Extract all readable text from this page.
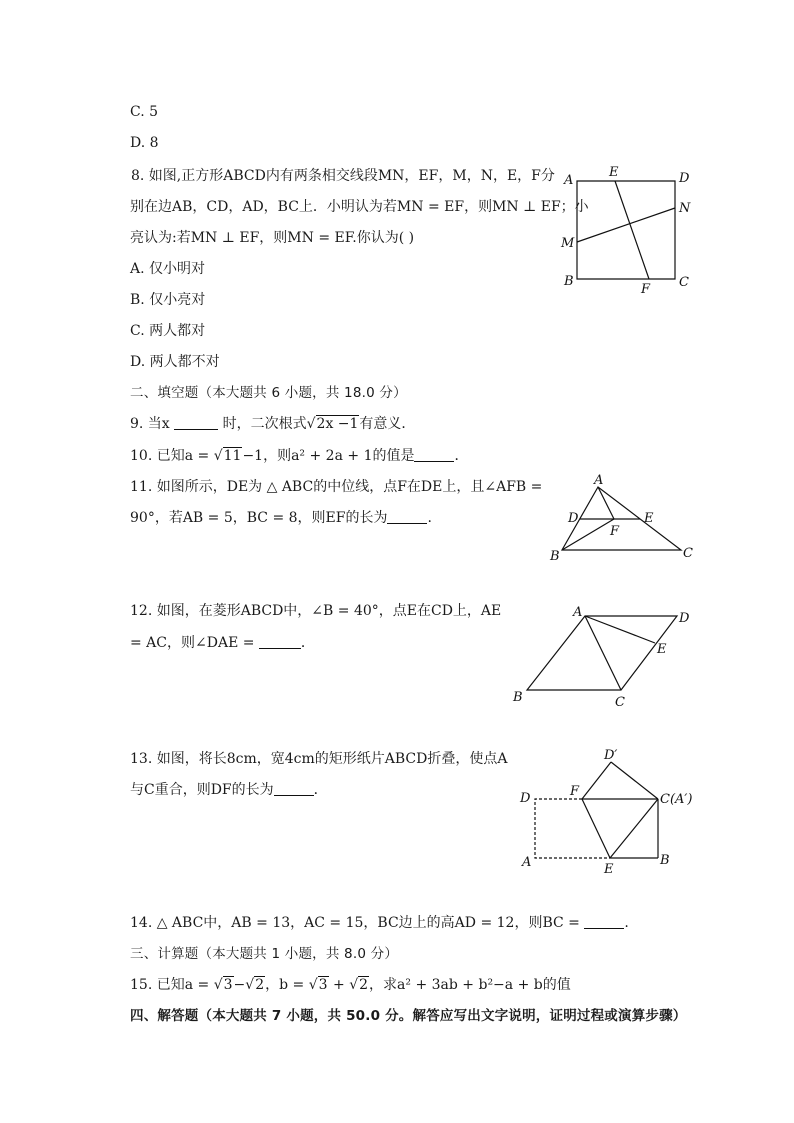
C. 5
D. 8
8. 如图,正方形ABCD内有两条相交线段MN，EF，M，N，E，F分
别在边AB，CD，AD，BC上．小明认为若MN = EF，则MN ⊥ EF；小
亮认为:若MN ⊥ EF，则MN = EF.你认为( )
A. 仅小明对
B. 仅小亮对
C. 两人都对
D. 两人都不对
二、填空题（本大题共 6 小题，共 18.0 分）
9. 当x	时，二次根式√2x −1有意义．
10. 已知a = √11−1，则a² + 2a + 1的值是	．
11. 如图所示，DE为 △ ABC的中位线，点F在DE上，且∠AFB =
90°，若AB = 5，BC = 8，则EF的长为	.
12. 如图，在菱形ABCD中，∠B = 40°，点E在CD上，AE
= AC，则∠DAE =	．
13. 如图，将长8cm，宽4cm的矩形纸片ABCD折叠，使点A
与C重合，则DF的长为	．
14. △ ABC中，AB = 13，AC = 15，BC边上的高AD = 12，则BC =	.
三、计算题（本大题共 1 小题，共 8.0 分）
15. 已知a = √3−√2，b = √3 + √2，求a² + 3ab + b²−a + b的值
四、解答题（本大题共 7 小题，共 50.0 分。解答应写出文字说明，证明过程或演算步骤）
A
E	D
N
M
B
F C
A
D	E
F
B	C
A	D
E
B	C
D′
D	F
C(A′)
A	E
B
